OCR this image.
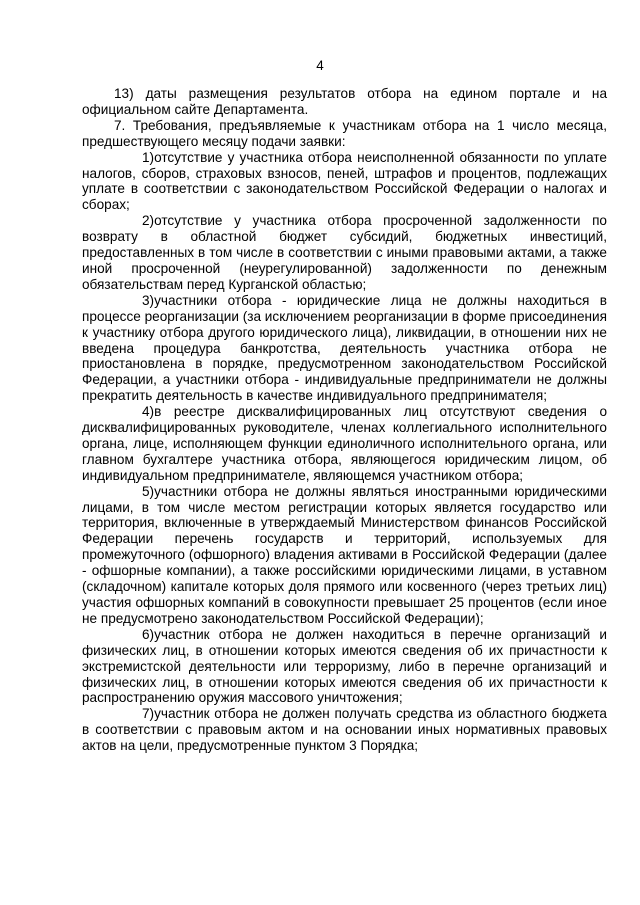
4

13) даты размещения результатов отбора на едином портале и на официальном сайте Департамента.

7. Требования, предъявляемые к участникам отбора на 1 число месяца, предшествующего месяцу подачи заявки:

1)отсутствие у участника отбора неисполненной обязанности по уплате налогов, сборов, страховых взносов, пеней, штрафов и процентов, подлежащих уплате в соответствии с законодательством Российской Федерации о налогах и сборах;

2)отсутствие у участника отбора просроченной задолженности по возврату в областной бюджет субсидий, бюджетных инвестиций, предоставленных в том числе в соответствии с иными правовыми актами, а также иной просроченной (неурегулированной) задолженности по денежным обязательствам перед Курганской областью;

3)участники отбора - юридические лица не должны находиться в процессе реорганизации (за исключением реорганизации в форме присоединения к участнику отбора другого юридического лица), ликвидации, в отношении них не введена процедура банкротства, деятельность участника отбора не приостановлена в порядке, предусмотренном законодательством Российской Федерации, а участники отбора - индивидуальные предприниматели не должны прекратить деятельность в качестве индивидуального предпринимателя;

4)в реестре дисквалифицированных лиц отсутствуют сведения о дисквалифицированных руководителе, членах коллегиального исполнительного органа, лице, исполняющем функции единоличного исполнительного органа, или главном бухгалтере участника отбора, являющегося юридическим лицом, об индивидуальном предпринимателе, являющемся участником отбора;

5)участники отбора не должны являться иностранными юридическими лицами, в том числе местом регистрации которых является государство или территория, включенные в утверждаемый Министерством финансов Российской Федерации перечень государств и территорий, используемых для промежуточного (офшорного) владения активами в Российской Федерации (далее - офшорные компании), а также российскими юридическими лицами, в уставном (складочном) капитале которых доля прямого или косвенного (через третьих лиц) участия офшорных компаний в совокупности превышает 25 процентов (если иное не предусмотрено законодательством Российской Федерации);

6)участник отбора не должен находиться в перечне организаций и физических лиц, в отношении которых имеются сведения об их причастности к экстремистской деятельности или терроризму, либо в перечне организаций и физических лиц, в отношении которых имеются сведения об их причастности к распространению оружия массового уничтожения;

7)участник отбора не должен получать средства из областного бюджета в соответствии с правовым актом и на основании иных нормативных правовых актов на цели, предусмотренные пунктом 3 Порядка;
